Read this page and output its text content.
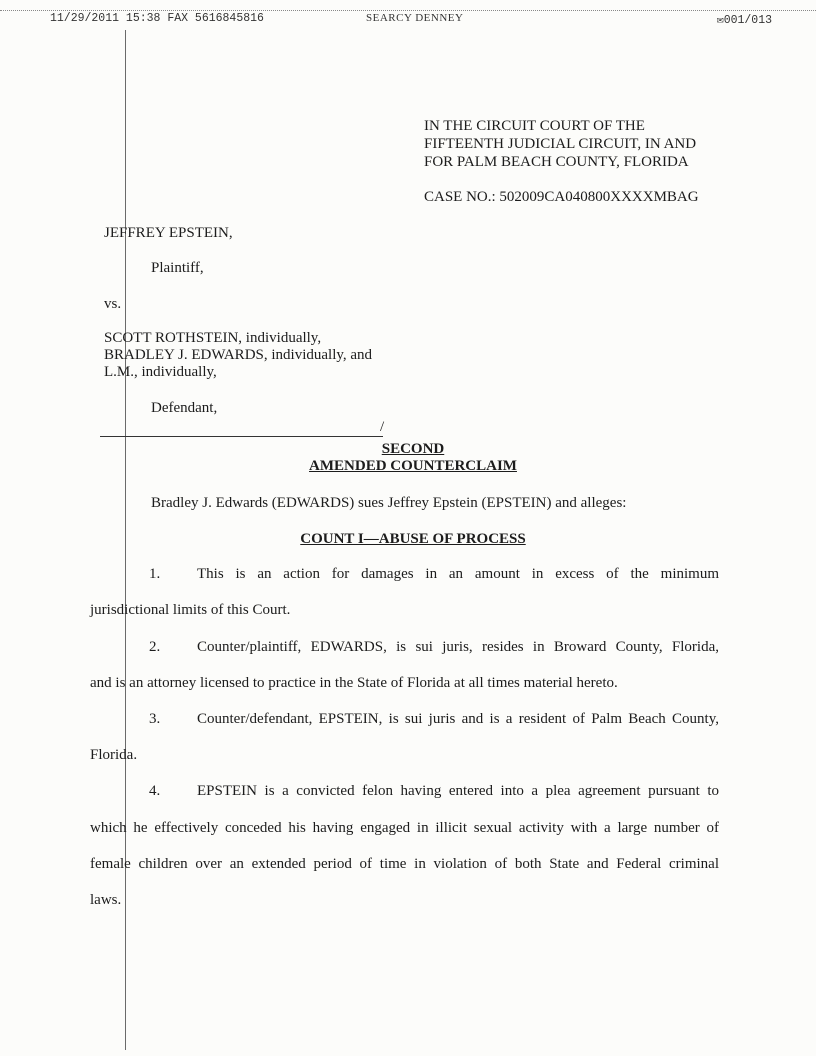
11/29/2011 15:38 FAX 5616845816	SEARCY DENNEY	✉001/013
IN THE CIRCUIT COURT OF THE
FIFTEENTH JUDICIAL CIRCUIT, IN AND
FOR PALM BEACH COUNTY, FLORIDA
CASE NO.: 502009CA040800XXXXMBAG
JEFFREY EPSTEIN,
Plaintiff,
vs.
SCOTT ROTHSTEIN, individually,
BRADLEY J. EDWARDS, individually, and
L.M., individually,
Defendant,
/
SECOND
AMENDED COUNTERCLAIM
Bradley J. Edwards (EDWARDS) sues Jeffrey Epstein (EPSTEIN) and alleges:
COUNT I—ABUSE OF PROCESS
1. This is an action for damages in an amount in excess of the minimum
jurisdictional limits of this Court.
2. Counter/plaintiff, EDWARDS, is sui juris, resides in Broward County, Florida,
and is an attorney licensed to practice in the State of Florida at all times material hereto.
3. Counter/defendant, EPSTEIN, is sui juris and is a resident of Palm Beach County,
Florida.
4. EPSTEIN is a convicted felon having entered into a plea agreement pursuant to
which he effectively conceded his having engaged in illicit sexual activity with a large number of
female children over an extended period of time in violation of both State and Federal criminal
laws.
